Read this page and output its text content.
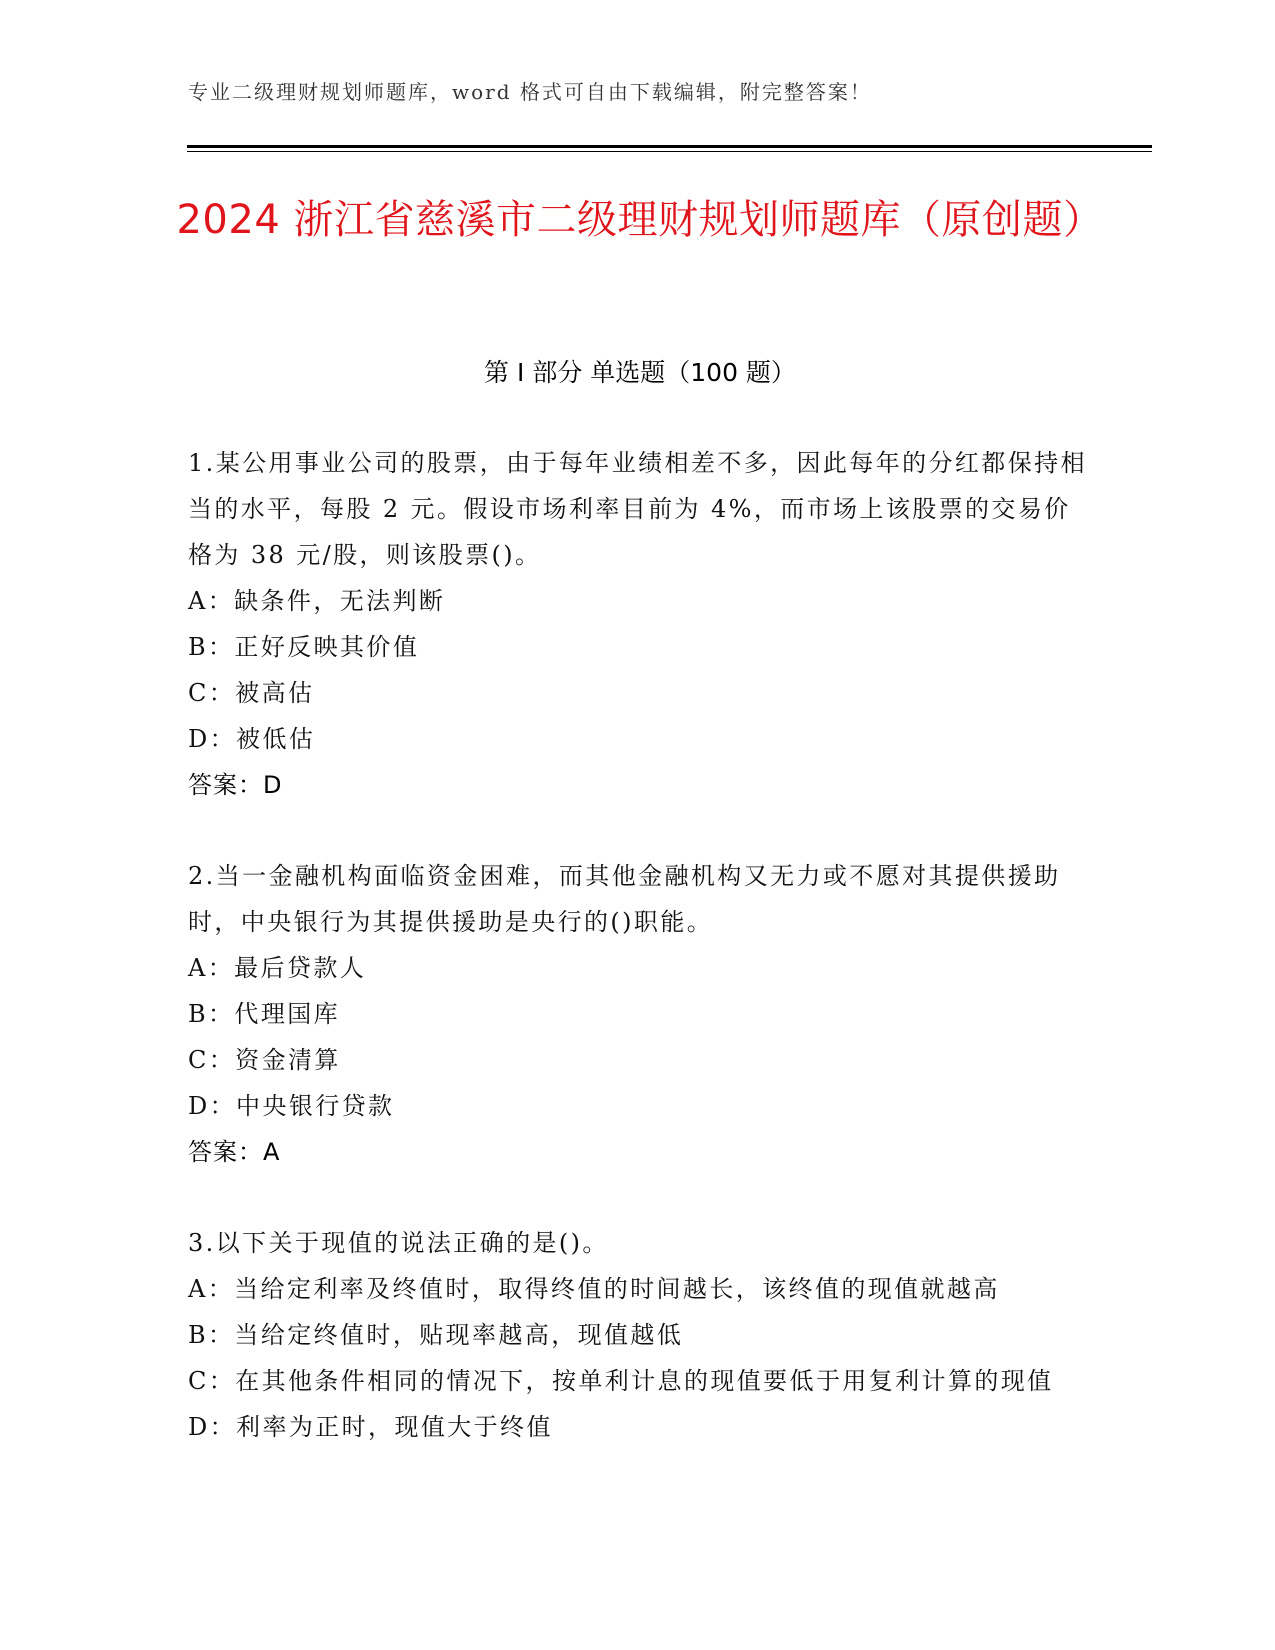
专业二级理财规划师题库，word 格式可自由下载编辑，附完整答案！
2024 浙江省慈溪市二级理财规划师题库（原创题）
第 I 部分 单选题（100 题）

1.某公用事业公司的股票，由于每年业绩相差不多，因此每年的分红都保持相当的水平，每股 2 元。假设市场利率目前为 4%，而市场上该股票的交易价格为 38 元/股，则该股票()。

A：缺条件，无法判断

B：正好反映其价值

C：被高估

D：被低估

答案：D

2.当一金融机构面临资金困难，而其他金融机构又无力或不愿对其提供援助时，中央银行为其提供援助是央行的()职能。

A：最后贷款人

B：代理国库

C：资金清算

D：中央银行贷款

答案：A

3.以下关于现值的说法正确的是()。

A：当给定利率及终值时，取得终值的时间越长，该终值的现值就越高

B：当给定终值时，贴现率越高，现值越低

C：在其他条件相同的情况下，按单利计息的现值要低于用复利计算的现值

D：利率为正时，现值大于终值
